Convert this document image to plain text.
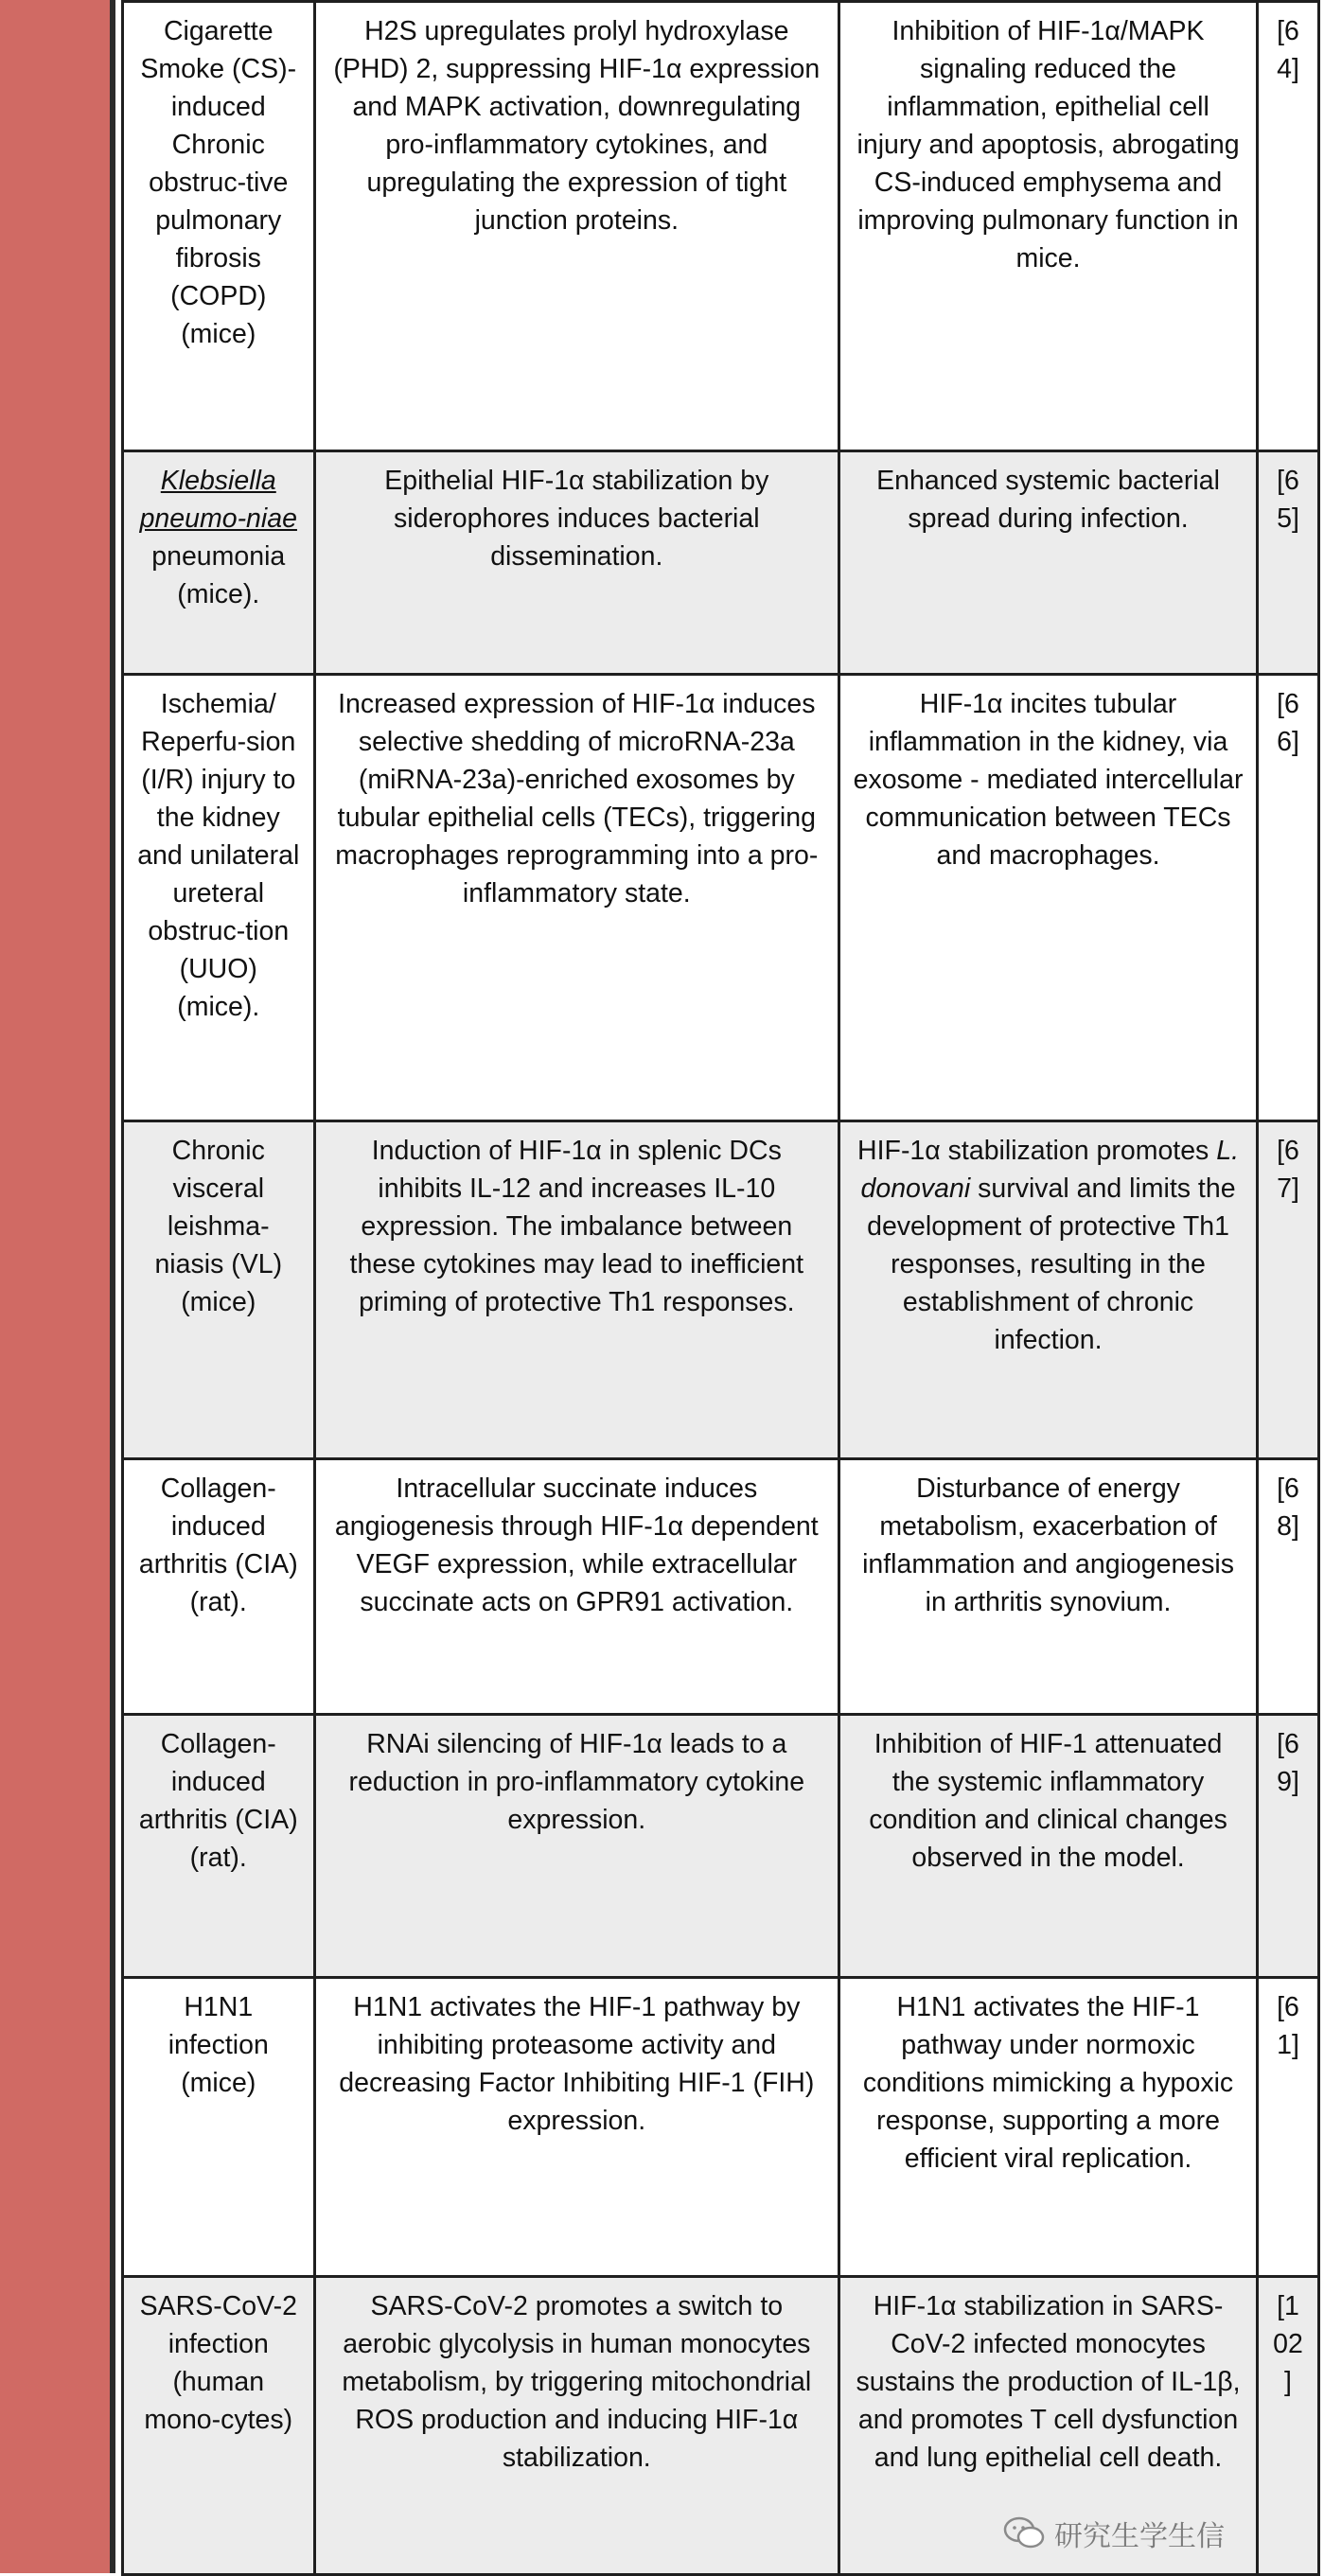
Cigarette Smoke (CS)-induced Chronic obstruc-tive pulmonary fibrosis (COPD) (mice)	H2S upregulates prolyl hydroxylase (PHD) 2, suppressing HIF-1α expression and MAPK activation, downregulating pro-inflammatory cytokines, and upregulating the expression of tight junction proteins.	Inhibition of HIF-1α/MAPK signaling reduced the inflammation, epithelial cell injury and apoptosis, abrogating CS-induced emphysema and improving pulmonary function in mice.	[64]
Klebsiella pneumo-niae pneumonia (mice).	Epithelial HIF-1α stabilization by siderophores induces bacterial dissemination.	Enhanced systemic bacterial spread during infection.	[65]
Ischemia/ Reperfu-sion (I/R) injury to the kidney and unilateral ureteral obstruc-tion (UUO) (mice).	Increased expression of HIF-1α induces selective shedding of microRNA-23a (miRNA-23a)-enriched exosomes by tubular epithelial cells (TECs), triggering macrophages reprogramming into a pro-inflammatory state.	HIF-1α incites tubular inflammation in the kidney, via exosome - mediated intercellular communication between TECs and macrophages.	[66]
Chronic visceral leishma-niasis (VL) (mice)	Induction of HIF-1α in splenic DCs inhibits IL-12 and increases IL-10 expression. The imbalance between these cytokines may lead to inefficient priming of protective Th1 responses.	HIF-1α stabilization promotes L. donovani survival and limits the development of protective Th1 responses, resulting in the establishment of chronic infection.	[67]
Collagen-induced arthritis (CIA) (rat).	Intracellular succinate induces angiogenesis through HIF-1α dependent VEGF expression, while extracellular succinate acts on GPR91 activation.	Disturbance of energy metabolism, exacerbation of inflammation and angiogenesis in arthritis synovium.	[68]
Collagen-induced arthritis (CIA) (rat).	RNAi silencing of HIF-1α leads to a reduction in pro-inflammatory cytokine expression.	Inhibition of HIF-1 attenuated the systemic inflammatory condition and clinical changes observed in the model.	[69]
H1N1 infection (mice)	H1N1 activates the HIF-1 pathway by inhibiting proteasome activity and decreasing Factor Inhibiting HIF-1 (FIH) expression.	H1N1 activates the HIF-1 pathway under normoxic conditions mimicking a hypoxic response, supporting a more efficient viral replication.	[61]
SARS-CoV-2 infection (human mono-cytes)	SARS-CoV-2 promotes a switch to aerobic glycolysis in human monocytes metabolism, by triggering mitochondrial ROS production and inducing HIF-1α stabilization.	HIF-1α stabilization in SARS-CoV-2 infected monocytes sustains the production of IL-1β, and promotes T cell dysfunction and lung epithelial cell death.	[102]
研究生学生信
